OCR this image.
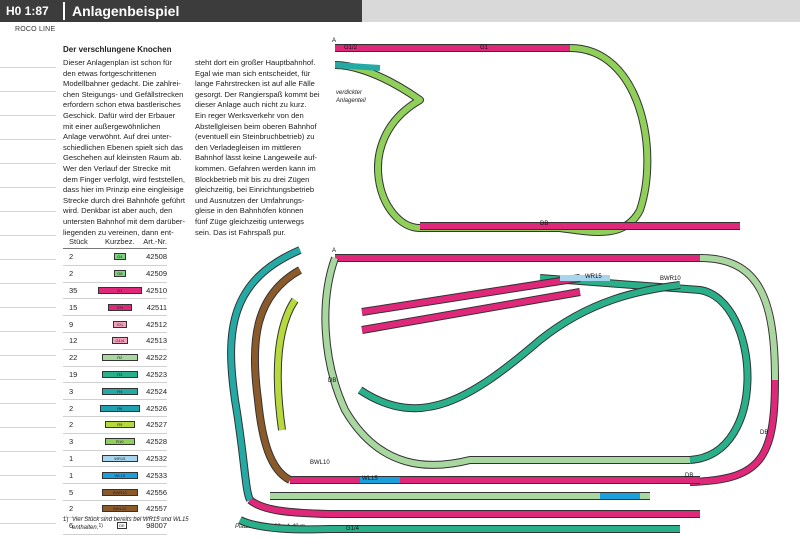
H0 1:87 Anlagenbeispiel
ROCO LINE
Der verschlungene Knochen
Dieser Anlagenplan ist schon für
den etwas fortgeschrittenen
Modellbahner gedacht. Die zahlrei-
chen Steigungs- und Gefällstrecken
erfordern schon etwa bastlerisches
Geschick. Dafür wird der Erbauer
mit einer außergewöhnlichen
Anlage verwöhnt. Auf drei unter-
schiedlichen Ebenen spielt sich das
Geschehen auf kleinsten Raum ab.
Wer den Verlauf der Strecke mit
dem Finger verfolgt, wird feststellen,
dass hier im Prinzip eine eingleisige
Strecke durch drei Bahnhöfe geführt
wird. Denkbar ist aber auch, den
untersten Bahnhof mit dem darüber-
liegenden zu vereinen, dann ent-
steht dort ein großer Hauptbahnhof.
Egal wie man sich entscheidet, für
lange Fahrstrecken ist auf alle Fälle
gesorgt. Der Rangierspaß kommt bei
dieser Anlage auch nicht zu kurz.
Ein reger Werksverkehr von den
Abstellgleisen beim oberen Bahnhof
(eventuell ein Steinbruchbetrieb) zu
den Verladegleisen im mittleren
Bahnhof lässt keine Langeweile auf-
kommen. Gefahren werden kann im
Blockbetrieb mit bis zu drei Zügen
gleichzeitig, bei Einrichtungsbetrieb
und Ausnutzen der Umfahrungs-
gleise in den Bahnhöfen können
fünf Züge gleichzeitig unterwegs
sein. Das ist Fahrspaß pur.
Stück	Kurzbez.	Art.-Nr.
2	G4	42508
2	G8	42509
35	G1	42510
15	G½	42511
9	G¼	42512
12	G1/4	42513
22	R2	42522
19	R3	42523
3	R4	42524
2	R6	42526
2	R9	42527
3	R10	42528
1	WR15	42532
1	WL15	42533
5	BWR10	42556
2	BWL10	42557
6	1)	DE	98007
1) Vier Stück sind bereits bei WR15 und WL15
enthalten.
verdickter
Anlagenteil
Platzbedarf: 2,60 x 1,40 m
A
A
G1/2	G1
DB
DB
DB
DB
WR15
WL15
BWR10
BWL10
G1/4
